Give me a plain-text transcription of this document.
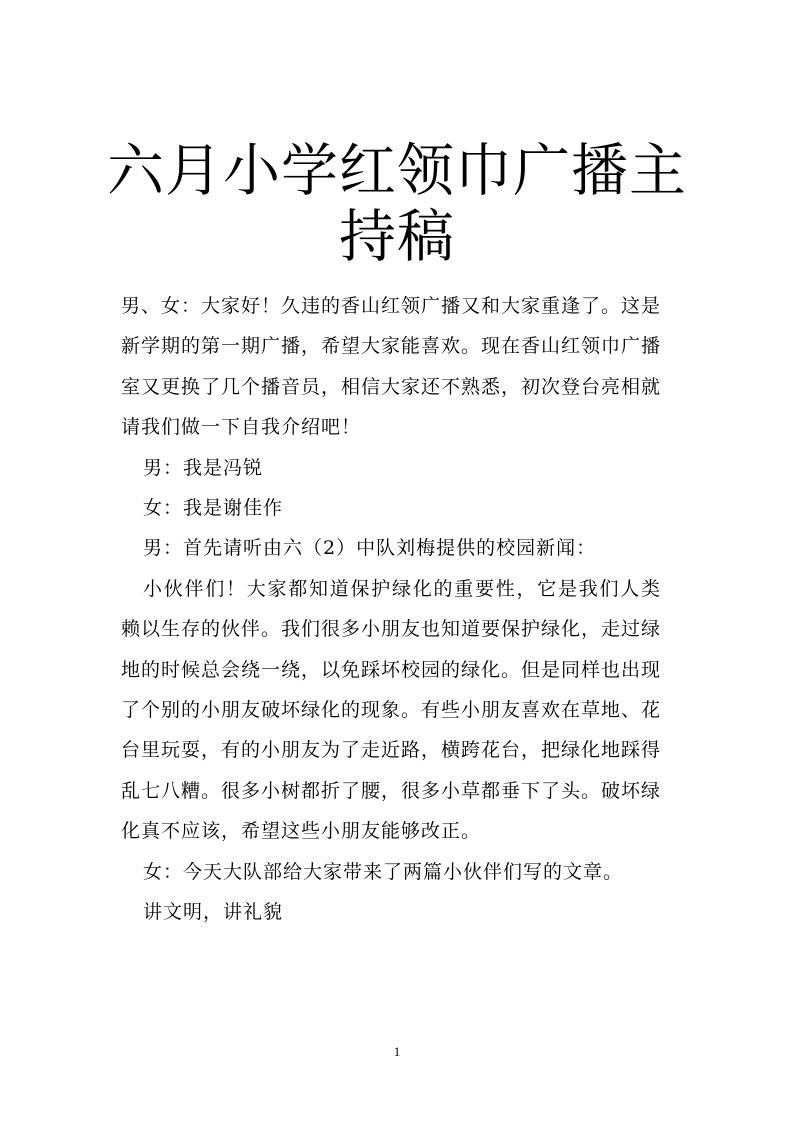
六月小学红领巾广播主持稿

男、女：大家好！久违的香山红领广播又和大家重逢了。这是新学期的第一期广播，希望大家能喜欢。现在香山红领巾广播室又更换了几个播音员，相信大家还不熟悉，初次登台亮相就请我们做一下自我介绍吧！

男：我是冯锐

女：我是谢佳作

男：首先请听由六（2）中队刘梅提供的校园新闻：

小伙伴们！大家都知道保护绿化的重要性，它是我们人类赖以生存的伙伴。我们很多小朋友也知道要保护绿化，走过绿地的时候总会绕一绕，以免踩坏校园的绿化。但是同样也出现了个别的小朋友破坏绿化的现象。有些小朋友喜欢在草地、花台里玩耍，有的小朋友为了走近路，横跨花台，把绿化地踩得乱七八糟。很多小树都折了腰，很多小草都垂下了头。破坏绿化真不应该，希望这些小朋友能够改正。

女：今天大队部给大家带来了两篇小伙伴们写的文章。

讲文明，讲礼貌

1
